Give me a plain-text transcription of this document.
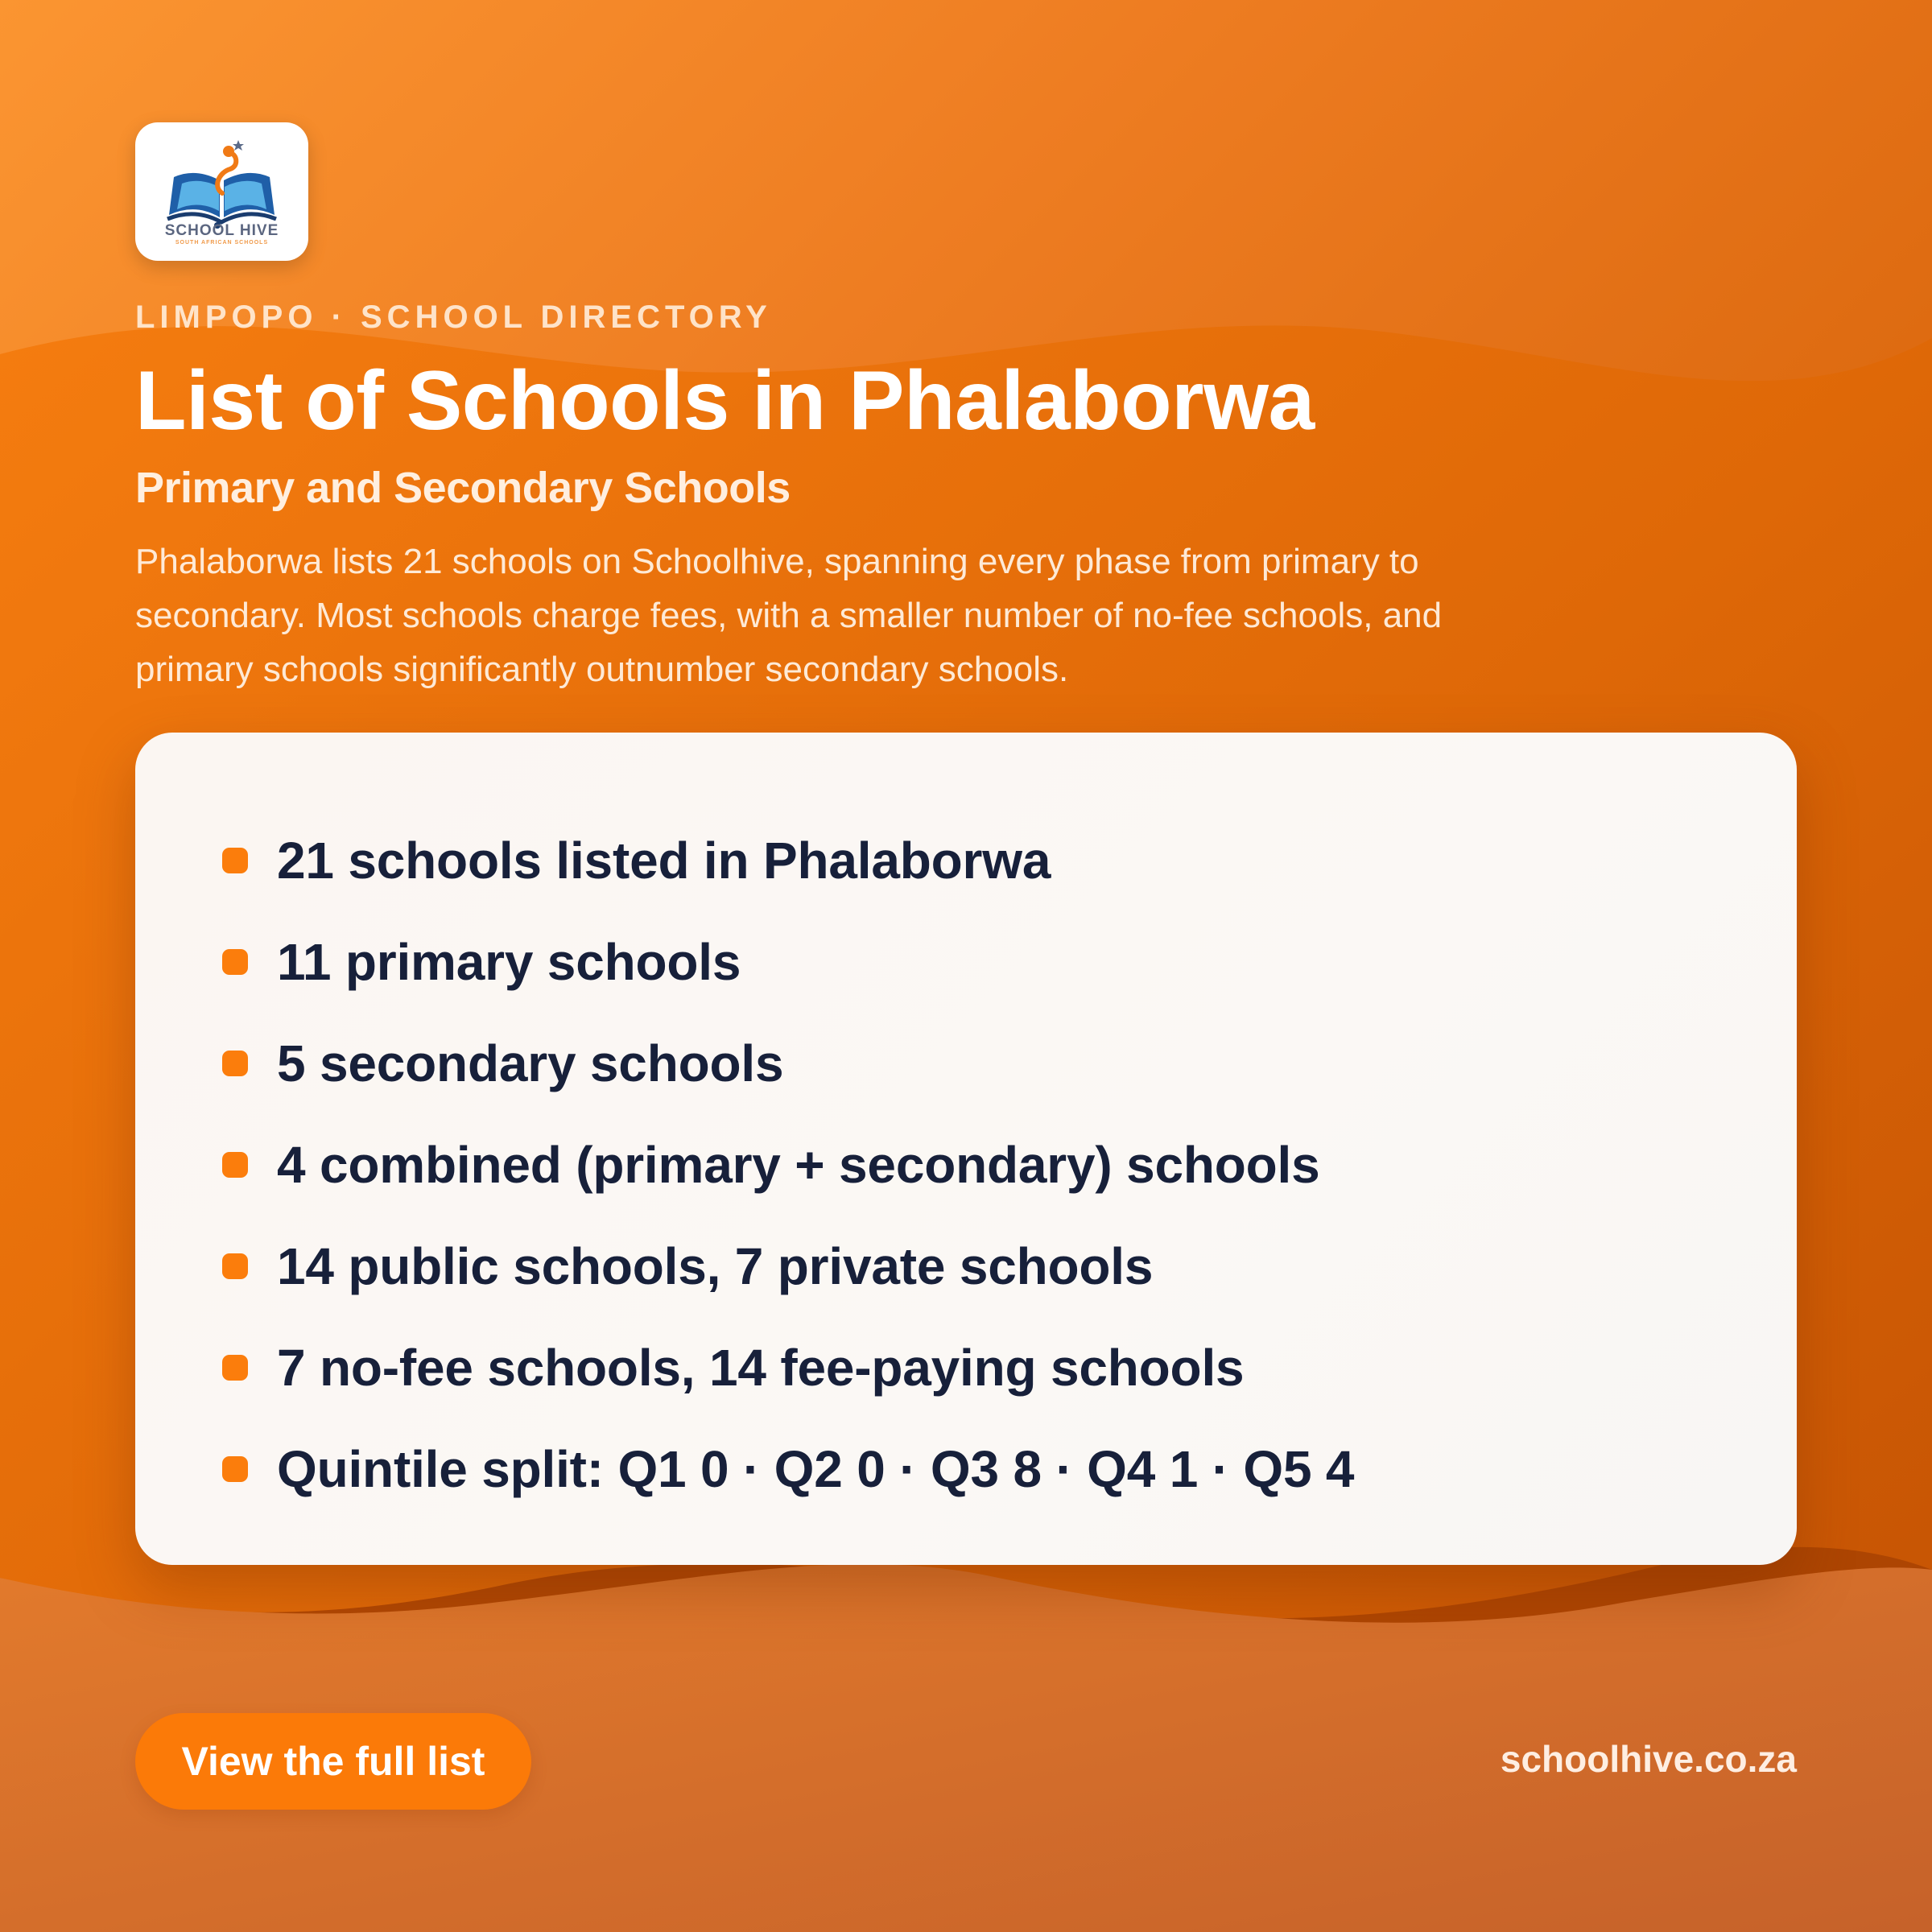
SCHOOL HIVE
SOUTH AFRICAN SCHOOLS
LIMPOPO · SCHOOL DIRECTORY
List of Schools in Phalaborwa
Primary and Secondary Schools
Phalaborwa lists 21 schools on Schoolhive, spanning every phase from primary to secondary. Most schools charge fees, with a smaller number of no-fee schools, and primary schools significantly outnumber secondary schools.
21 schools listed in Phalaborwa
11 primary schools
5 secondary schools
4 combined (primary + secondary) schools
14 public schools, 7 private schools
7 no-fee schools, 14 fee-paying schools
Quintile split: Q1 0 · Q2 0 · Q3 8 · Q4 1 · Q5 4
View the full list	schoolhive.co.za
